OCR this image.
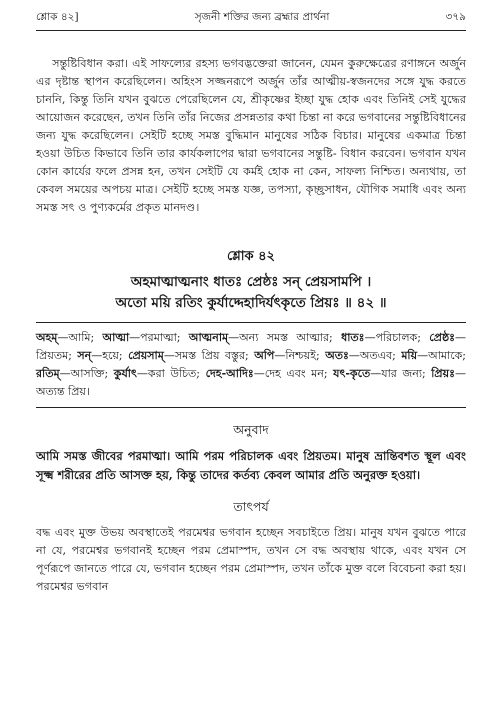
শ্লোক ৪২]	সৃজনী শক্তির জন্য ব্রহ্মার প্রার্থনা	৩৭৯

সন্তুষ্টিবিধান করা। এই সাফল্যের রহস্য ভগবদ্ভক্তেরা জানেন, যেমন কুরুক্ষেত্রের রণাঙ্গনে অর্জুন এর দৃষ্টান্ত স্থাপন করেছিলেন। অহিংস সজ্জনরূপে অর্জুন তাঁর আত্মীয়-স্বজনদের সঙ্গে যুদ্ধ করতে চাননি, কিন্তু তিনি যখন বুঝতে পেরেছিলেন যে, শ্রীকৃষ্ণের ইচ্ছা যুদ্ধ হোক এবং তিনিই সেই যুদ্ধের আয়োজন করেছেন, তখন তিনি তাঁর নিজের প্রসন্নতার কথা চিন্তা না করে ভগবানের সন্তুষ্টিবিধানের জন্য যুদ্ধ করেছিলেন। সেইটি হচ্ছে সমস্ত বুদ্ধিমান মানুষের সঠিক বিচার। মানুষের একমাত্র চিন্তা হওয়া উচিত কিভাবে তিনি তার কার্যকলাপের দ্বারা ভগবানের সন্তুষ্টি- বিধান করবেন। ভগবান যখন কোন কার্যের ফলে প্রসন্ন হন, তখন সেইটি যে কর্মই হোক না কেন, সাফল্য নিশ্চিত। অন্যথায়, তা কেবল সময়ের অপচয় মাত্র। সেইটি হচ্ছে সমস্ত যজ্ঞ, তপস্যা, কৃচ্ছ্রসাধন, যৌগিক সমাধি এবং অন্য সমস্ত সৎ ও পুণ্যকর্মের প্রকৃত মানদণ্ড।

শ্লোক ৪২
অহমাত্মাত্মনাং ধাতঃ প্রেষ্ঠঃ সন্ প্রেয়সামপি ।
অতো ময়ি রতিং কুর্যাদ্দেহাদির্যৎকৃতে প্রিয়ঃ ॥ ৪২ ॥

অহম্—আমি; আত্মা—পরমাত্মা; আত্মনাম্—অন্য সমস্ত আত্মার; ধাতঃ—পরিচালক; প্রেষ্ঠঃ—প্রিয়তম; সন্—হয়ে; প্রেয়সাম্—সমস্ত প্রিয় বস্তুর; অপি—নিশ্চয়ই; অতঃ—অতএব; ময়ি—আমাকে; রতিম্—আসক্তি; কুর্যাৎ—করা উচিত; দেহ-আদিঃ—দেহ এবং মন; যৎ-কৃতে—যার জন্য; প্রিয়ঃ—অত্যন্ত প্রিয়।

অনুবাদ

আমি সমস্ত জীবের পরমাত্মা। আমি পরম পরিচালক এবং প্রিয়তম। মানুষ ভ্রান্তিবশত স্থূল এবং সূক্ষ্ম শরীরের প্রতি আসক্ত হয়, কিন্তু তাদের কর্তব্য কেবল আমার প্রতি অনুরক্ত হওয়া।

তাৎপর্য

বদ্ধ এবং মুক্ত উভয় অবস্থাতেই পরমেশ্বর ভগবান হচ্ছেন সবচাইতে প্রিয়। মানুষ যখন বুঝতে পারে না যে, পরমেশ্বর ভগবানই হচ্ছেন পরম প্রেমাস্পদ, তখন সে বদ্ধ অবস্থায় থাকে, এবং যখন সে পূর্ণরূপে জানতে পারে যে, ভগবান হচ্ছেন পরম প্রেমাস্পদ, তখন তাঁকে মুক্ত বলে বিবেচনা করা হয়। পরমেশ্বর ভগবান
